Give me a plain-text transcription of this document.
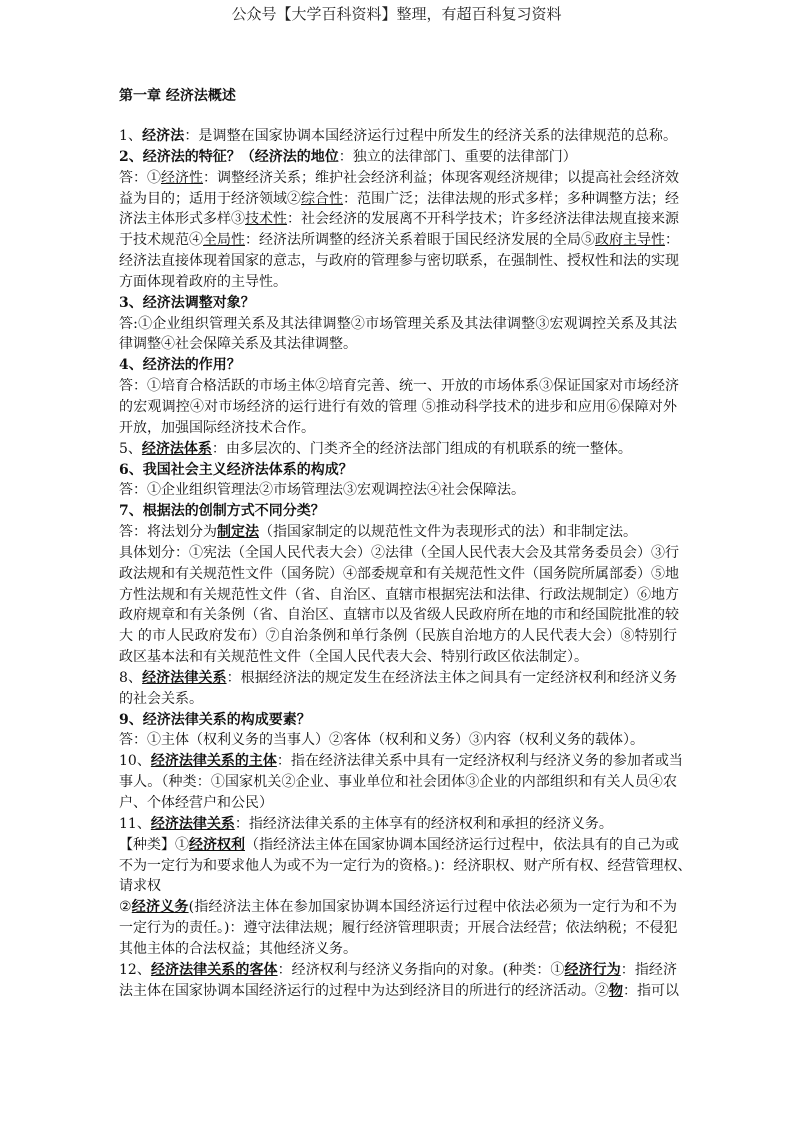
公众号【大学百科资料】整理，有超百科复习资料
第一章 经济法概述
1、经济法：是调整在国家协调本国经济运行过程中所发生的经济关系的法律规范的总称。
2、经济法的特征？（经济法的地位：独立的法律部门、重要的法律部门）
答：①经济性：调整经济关系；维护社会经济利益；体现客观经济规律；以提高社会经济效
益为目的；适用于经济领域②综合性：范围广泛；法律法规的形式多样；多种调整方法；经
济法主体形式多样③技术性：社会经济的发展离不开科学技术；许多经济法律法规直接来源
于技术规范④全局性：经济法所调整的经济关系着眼于国民经济发展的全局⑤政府主导性：
经济法直接体现着国家的意志，与政府的管理参与密切联系，在强制性、授权性和法的实现
方面体现着政府的主导性。
3、经济法调整对象？
答:①企业组织管理关系及其法律调整②市场管理关系及其法律调整③宏观调控关系及其法
律调整④社会保障关系及其法律调整。
4、经济法的作用？
答：①培育合格活跃的市场主体②培育完善、统一、开放的市场体系③保证国家对市场经济
的宏观调控④对市场经济的运行进行有效的管理 ⑤推动科学技术的进步和应用⑥保障对外
开放，加强国际经济技术合作。
5、经济法体系：由多层次的、门类齐全的经济法部门组成的有机联系的统一整体。
6、我国社会主义经济法体系的构成？
答：①企业组织管理法②市场管理法③宏观调控法④社会保障法。
7、根据法的创制方式不同分类？
答：将法划分为制定法（指国家制定的以规范性文件为表现形式的法）和非制定法。
具体划分：①宪法（全国人民代表大会）②法律（全国人民代表大会及其常务委员会）③行
政法规和有关规范性文件（国务院）④部委规章和有关规范性文件（国务院所属部委）⑤地
方性法规和有关规范性文件（省、自治区、直辖市根据宪法和法律、行政法规制定）⑥地方
政府规章和有关条例（省、自治区、直辖市以及省级人民政府所在地的市和经国院批准的较
大 的市人民政府发布）⑦自治条例和单行条例（民族自治地方的人民代表大会）⑧特别行
政区基本法和有关规范性文件（全国人民代表大会、特别行政区依法制定）。
8、经济法律关系：根据经济法的规定发生在经济法主体之间具有一定经济权利和经济义务
的社会关系。
9、经济法律关系的构成要素？
答：①主体（权利义务的当事人）②客体（权利和义务）③内容（权利义务的载体）。
10、经济法律关系的主体：指在经济法律关系中具有一定经济权利与经济义务的参加者或当
事人。（种类：①国家机关②企业、事业单位和社会团体③企业的内部组织和有关人员④农
户、个体经营户和公民）
11、经济法律关系：指经济法律关系的主体享有的经济权利和承担的经济义务。
【种类】①经济权利（指经济法主体在国家协调本国经济运行过程中，依法具有的自己为或
不为一定行为和要求他人为或不为一定行为的资格。)：经济职权、财产所有权、经营管理权、
请求权
②经济义务(指经济法主体在参加国家协调本国经济运行过程中依法必须为一定行为和不为
一定行为的责任。)：遵守法律法规；履行经济管理职责；开展合法经营；依法纳税；不侵犯
其他主体的合法权益；其他经济义务。
12、经济法律关系的客体：经济权利与经济义务指向的对象。(种类：①经济行为：指经济
法主体在国家协调本国经济运行的过程中为达到经济目的所进行的经济活动。②物：指可以
